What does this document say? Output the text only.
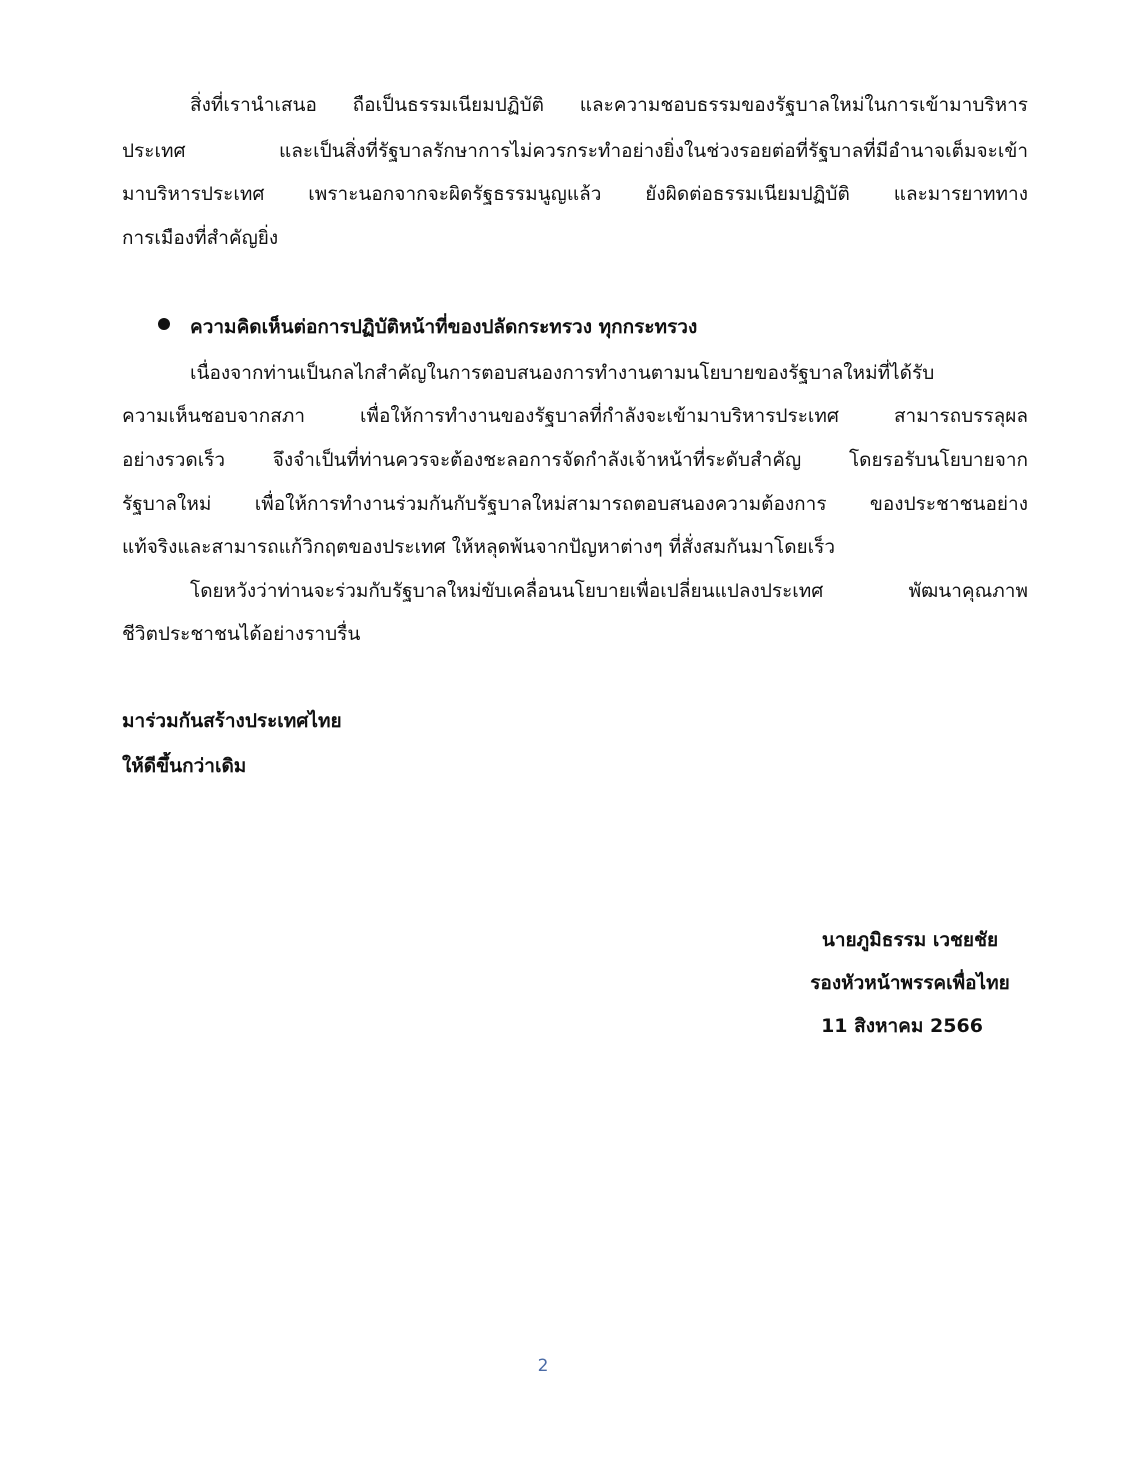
สิ่งที่เรานำเสนอ ถือเป็นธรรมเนียมปฏิบัติ และความชอบธรรมของรัฐบาลใหม่ในการเข้ามาบริหาร
ประเทศ และเป็นสิ่งที่รัฐบาลรักษาการไม่ควรกระทำอย่างยิ่งในช่วงรอยต่อที่รัฐบาลที่มีอำนาจเต็มจะเข้า
มาบริหารประเทศ เพราะนอกจากจะผิดรัฐธรรมนูญแล้ว ยังผิดต่อธรรมเนียมปฏิบัติ และมารยาททาง
การเมืองที่สำคัญยิ่ง
ความคิดเห็นต่อการปฏิบัติหน้าที่ของปลัดกระทรวง ทุกกระทรวง
เนื่องจากท่านเป็นกลไกสำคัญในการตอบสนองการทำงานตามนโยบายของรัฐบาลใหม่ที่ได้รับ
ความเห็นชอบจากสภา เพื่อให้การทำงานของรัฐบาลที่กำลังจะเข้ามาบริหารประเทศ สามารถบรรลุผล
อย่างรวดเร็ว จึงจำเป็นที่ท่านควรจะต้องชะลอการจัดกำลังเจ้าหน้าที่ระดับสำคัญ โดยรอรับนโยบายจาก
รัฐบาลใหม่ เพื่อให้การทำงานร่วมกันกับรัฐบาลใหม่สามารถตอบสนองความต้องการ ของประชาชนอย่าง
แท้จริงและสามารถแก้วิกฤตของประเทศ ให้หลุดพ้นจากปัญหาต่างๆ ที่สั่งสมกันมาโดยเร็ว
โดยหวังว่าท่านจะร่วมกับรัฐบาลใหม่ขับเคลื่อนนโยบายเพื่อเปลี่ยนแปลงประเทศ พัฒนาคุณภาพ
ชีวิตประชาชนได้อย่างราบรื่น
มาร่วมกันสร้างประเทศไทย
ให้ดีขึ้นกว่าเดิม
นายภูมิธรรม เวชยชัย
รองหัวหน้าพรรคเพื่อไทย
11 สิงหาคม 2566
2
